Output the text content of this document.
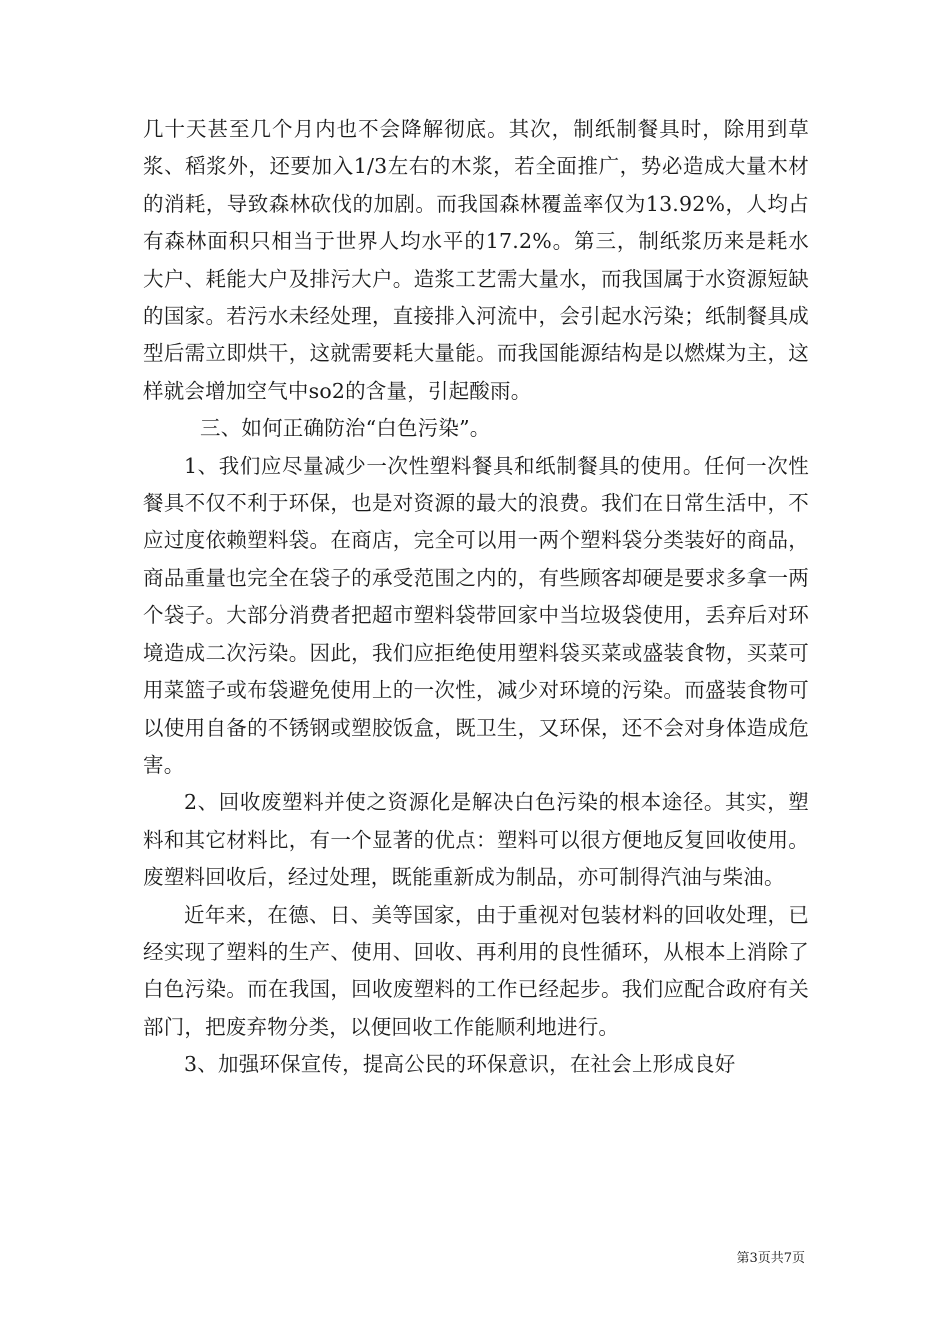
几十天甚至几个月内也不会降解彻底。其次，制纸制餐具时，除用到草浆、稻浆外，还要加入1/3左右的木浆，若全面推广，势必造成大量木材的消耗，导致森林砍伐的加剧。而我国森林覆盖率仅为13.92%，人均占有森林面积只相当于世界人均水平的17.2%。第三，制纸浆历来是耗水大户、耗能大户及排污大户。造浆工艺需大量水，而我国属于水资源短缺的国家。若污水未经处理，直接排入河流中，会引起水污染；纸制餐具成型后需立即烘干，这就需要耗大量能。而我国能源结构是以燃煤为主，这样就会增加空气中so2的含量，引起酸雨。

三、如何正确防治“白色污染”。

1、我们应尽量减少一次性塑料餐具和纸制餐具的使用。任何一次性餐具不仅不利于环保，也是对资源的最大的浪费。我们在日常生活中，不应过度依赖塑料袋。在商店，完全可以用一两个塑料袋分类装好的商品，商品重量也完全在袋子的承受范围之内的，有些顾客却硬是要求多拿一两个袋子。大部分消费者把超市塑料袋带回家中当垃圾袋使用，丢弃后对环境造成二次污染。因此，我们应拒绝使用塑料袋买菜或盛装食物，买菜可用菜篮子或布袋避免使用上的一次性，减少对环境的污染。而盛装食物可以使用自备的不锈钢或塑胶饭盒，既卫生，又环保，还不会对身体造成危害。

2、回收废塑料并使之资源化是解决白色污染的根本途径。其实，塑料和其它材料比，有一个显著的优点：塑料可以很方便地反复回收使用。废塑料回收后，经过处理，既能重新成为制品，亦可制得汽油与柴油。

近年来，在德、日、美等国家，由于重视对包装材料的回收处理，已经实现了塑料的生产、使用、回收、再利用的良性循环，从根本上消除了白色污染。而在我国，回收废塑料的工作已经起步。我们应配合政府有关部门，把废弃物分类，以便回收工作能顺利地进行。

3、加强环保宣传，提高公民的环保意识，在社会上形成良好

第3页共7页
